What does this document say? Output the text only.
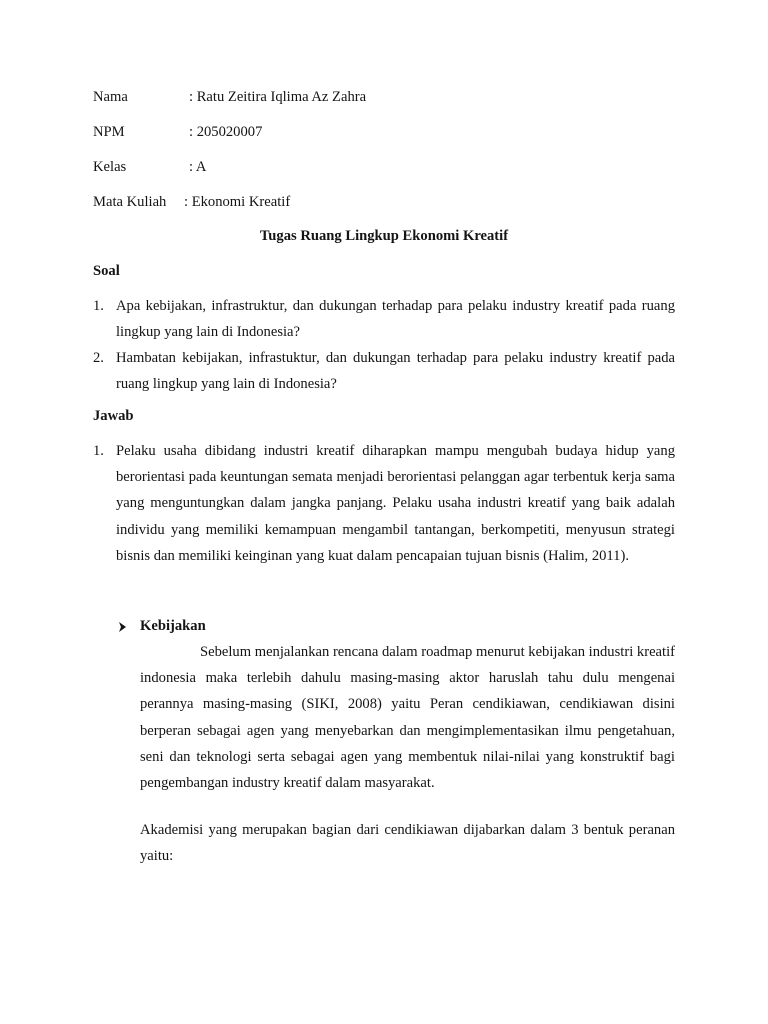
Nama	: Ratu Zeitira Iqlima Az Zahra
NPM	: 205020007
Kelas	: A
Mata Kuliah : Ekonomi Kreatif
Tugas Ruang Lingkup Ekonomi Kreatif
Soal
1. Apa kebijakan, infrastruktur, dan dukungan terhadap para pelaku industry kreatif pada ruang lingkup yang lain di Indonesia?
2. Hambatan kebijakan, infrastuktur, dan dukungan terhadap para pelaku industry kreatif pada ruang lingkup yang lain di Indonesia?
Jawab
1. Pelaku usaha dibidang industri kreatif diharapkan mampu mengubah budaya hidup yang berorientasi pada keuntungan semata menjadi berorientasi pelanggan agar terbentuk kerja sama yang menguntungkan dalam jangka panjang. Pelaku usaha industri kreatif yang baik adalah individu yang memiliki kemampuan mengambil tantangan, berkompetiti, menyusun strategi bisnis dan memiliki keinginan yang kuat dalam pencapaian tujuan bisnis (Halim, 2011).
Kebijakan
Sebelum menjalankan rencana dalam roadmap menurut kebijakan industri kreatif indonesia maka terlebih dahulu masing-masing aktor haruslah tahu dulu mengenai perannya masing-masing (SIKI, 2008) yaitu Peran cendikiawan, cendikiawan disini berperan sebagai agen yang menyebarkan dan mengimplementasikan ilmu pengetahuan, seni dan teknologi serta sebagai agen yang membentuk nilai-nilai yang konstruktif bagi pengembangan industry kreatif dalam masyarakat.
Akademisi yang merupakan bagian dari cendikiawan dijabarkan dalam 3 bentuk peranan yaitu:
